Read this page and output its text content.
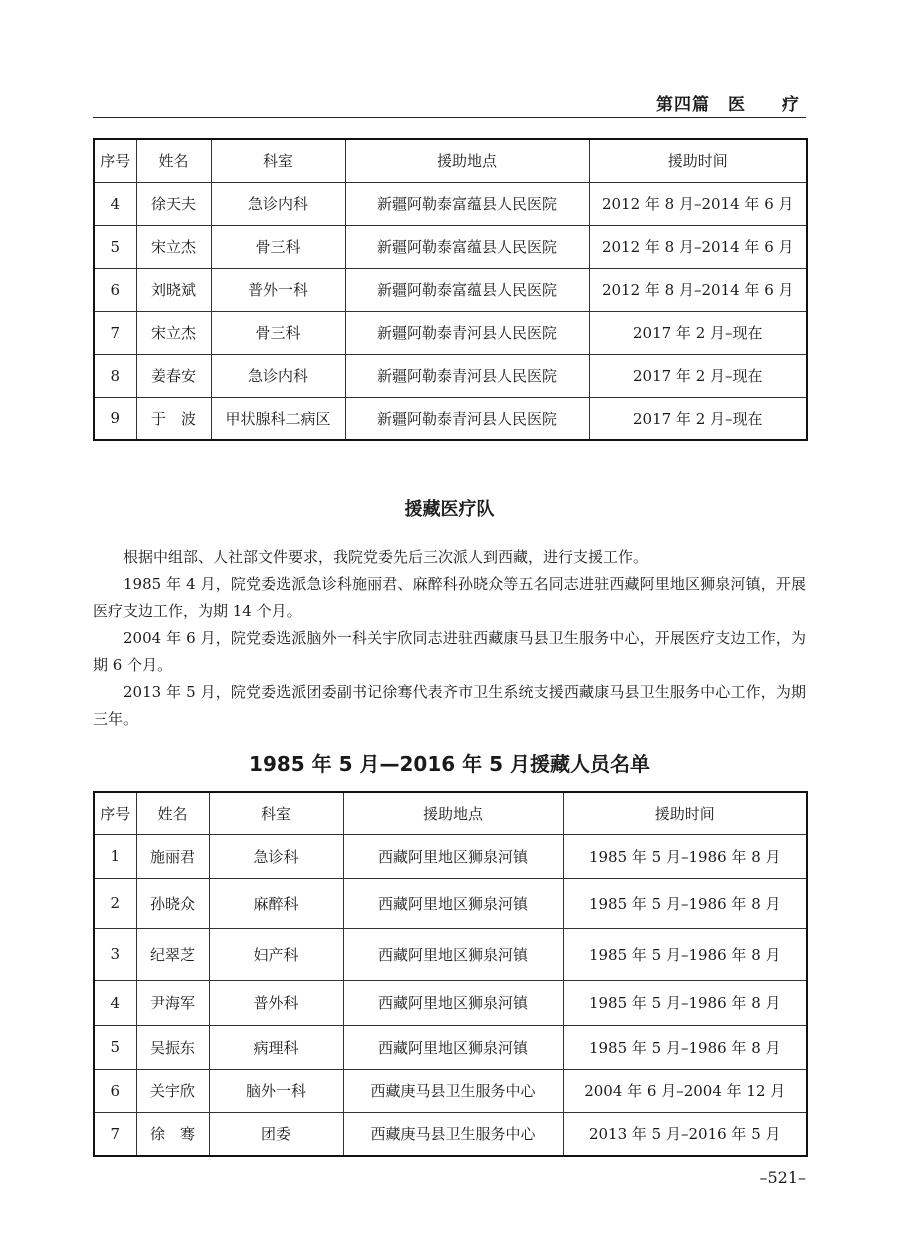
第四篇　医　　疗
序号	姓名	科室	援助地点	援助时间
4	徐天夫	急诊内科	新疆阿勒泰富蕴县人民医院	2012 年 8 月–2014 年 6 月
5	宋立杰	骨三科	新疆阿勒泰富蕴县人民医院	2012 年 8 月–2014 年 6 月
6	刘晓斌	普外一科	新疆阿勒泰富蕴县人民医院	2012 年 8 月–2014 年 6 月
7	宋立杰	骨三科	新疆阿勒泰青河县人民医院	2017 年 2 月–现在
8	姜春安	急诊内科	新疆阿勒泰青河县人民医院	2017 年 2 月–现在
9	于　波	甲状腺科二病区	新疆阿勒泰青河县人民医院	2017 年 2 月–现在
援藏医疗队

根据中组部、人社部文件要求，我院党委先后三次派人到西藏，进行支援工作。

1985 年 4 月，院党委选派急诊科施丽君、麻醉科孙晓众等五名同志进驻西藏阿里地区狮泉河镇，开展医疗支边工作，为期 14 个月。

2004 年 6 月，院党委选派脑外一科关宇欣同志进驻西藏康马县卫生服务中心，开展医疗支边工作，为期 6 个月。

2013 年 5 月，院党委选派团委副书记徐骞代表齐市卫生系统支援西藏康马县卫生服务中心工作，为期三年。

1985 年 5 月—2016 年 5 月援藏人员名单
序号	姓名	科室	援助地点	援助时间
1	施丽君	急诊科	西藏阿里地区狮泉河镇	1985 年 5 月–1986 年 8 月
2	孙晓众	麻醉科	西藏阿里地区狮泉河镇	1985 年 5 月–1986 年 8 月
3	纪翠芝	妇产科	西藏阿里地区狮泉河镇	1985 年 5 月–1986 年 8 月
4	尹海军	普外科	西藏阿里地区狮泉河镇	1985 年 5 月–1986 年 8 月
5	吴振东	病理科	西藏阿里地区狮泉河镇	1985 年 5 月–1986 年 8 月
6	关宇欣	脑外一科	西藏庚马县卫生服务中心	2004 年 6 月–2004 年 12 月
7	徐　骞	团委	西藏庚马县卫生服务中心	2013 年 5 月–2016 年 5 月
–521–
